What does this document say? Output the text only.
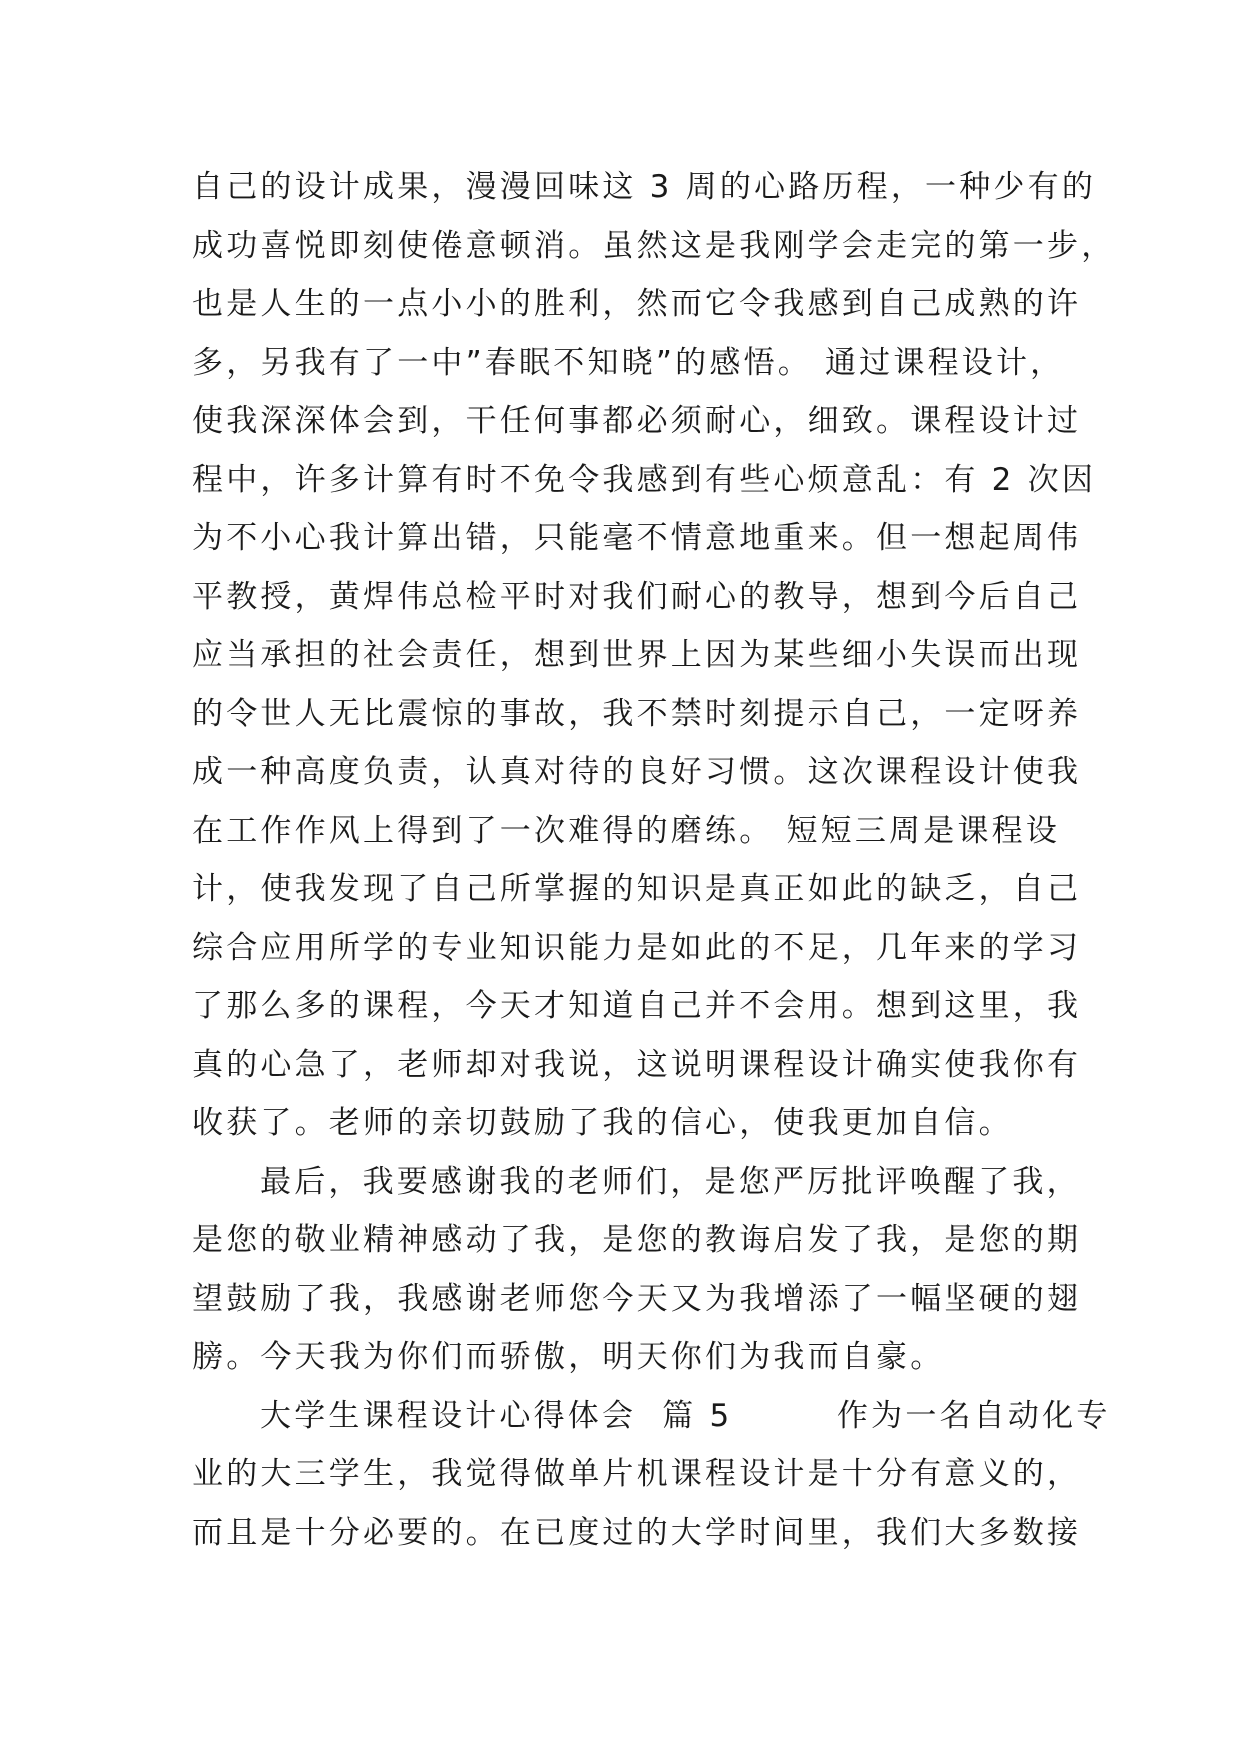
自己的设计成果，漫漫回味这 3 周的心路历程，一种少有的
成功喜悦即刻使倦意顿消。虽然这是我刚学会走完的第一步，
也是人生的一点小小的胜利，然而它令我感到自己成熟的许
多，另我有了一中”春眠不知晓”的感悟。 通过课程设计，
使我深深体会到，干任何事都必须耐心，细致。课程设计过
程中，许多计算有时不免令我感到有些心烦意乱：有 2 次因
为不小心我计算出错，只能毫不情意地重来。但一想起周伟
平教授，黄焊伟总检平时对我们耐心的教导，想到今后自己
应当承担的社会责任，想到世界上因为某些细小失误而出现
的令世人无比震惊的事故，我不禁时刻提示自己，一定呀养
成一种高度负责，认真对待的良好习惯。这次课程设计使我
在工作作风上得到了一次难得的磨练。 短短三周是课程设
计，使我发现了自己所掌握的知识是真正如此的缺乏，自己
综合应用所学的专业知识能力是如此的不足，几年来的学习
了那么多的课程，今天才知道自己并不会用。想到这里，我
真的心急了，老师却对我说，这说明课程设计确实使我你有
收获了。老师的亲切鼓励了我的信心，使我更加自信。
最后，我要感谢我的老师们，是您严厉批评唤醒了我，
是您的敬业精神感动了我，是您的教诲启发了我，是您的期
望鼓励了我，我感谢老师您今天又为我增添了一幅坚硬的翅
膀。今天我为你们而骄傲，明天你们为我而自豪。
大学生课程设计心得体会  篇 5        作为一名自动化专
业的大三学生，我觉得做单片机课程设计是十分有意义的，
而且是十分必要的。在已度过的大学时间里，我们大多数接
